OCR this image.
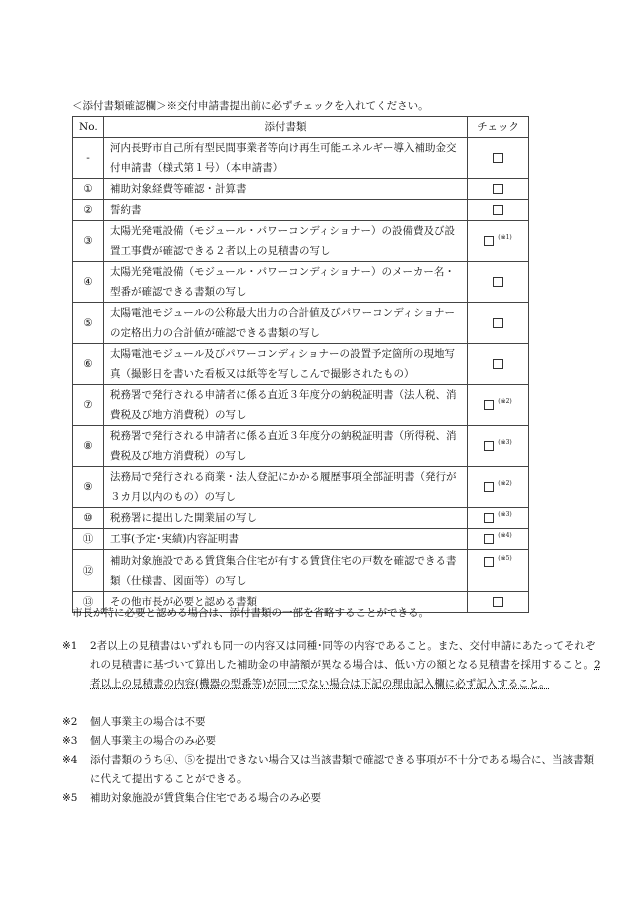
＜添付書類確認欄＞※交付申請書提出前に必ずチェックを入れてください。
No.	添付書類	チェック
-	河内長野市自己所有型民間事業者等向け再生可能エネルギー導入補助金交付申請書（様式第１号）（本申請書）	
①	補助対象経費等確認・計算書	
②	誓約書	
③	太陽光発電設備（モジュール・パワーコンディショナー）の設備費及び設置工事費が確認できる２者以上の見積書の写し	$^{(※1)}$
④	太陽光発電設備（モジュール・パワーコンディショナー）のメーカー名・型番が確認できる書類の写し	
⑤	太陽電池モジュールの公称最大出力の合計値及びパワーコンディショナーの定格出力の合計値が確認できる書類の写し	
⑥	太陽電池モジュール及びパワーコンディショナーの設置予定箇所の現地写真（撮影日を書いた看板又は紙等を写しこんで撮影されたもの）	
⑦	税務署で発行される申請者に係る直近３年度分の納税証明書（法人税、消費税及び地方消費税）の写し	$^{(※2)}$
⑧	税務署で発行される申請者に係る直近３年度分の納税証明書（所得税、消費税及び地方消費税）の写し	$^{(※3)}$
⑨	法務局で発行される商業・法人登記にかかる履歴事項全部証明書（発行が３カ月以内のもの）の写し	$^{(※2)}$
⑩	税務署に提出した開業届の写し	$^{(※3)}$
⑪	工事(予定･実績)内容証明書	$^{(※4)}$
⑫	補助対象施設である賃貸集合住宅が有する賃貸住宅の戸数を確認できる書類（仕様書、図面等）の写し	$^{(※5)}$
⑬	その他市長が必要と認める書類	
市長が特に必要と認める場合は、添付書類の一部を省略することができる。
※1 2者以上の見積書はいずれも同一の内容又は同種･同等の内容であること。また、交付申請にあたってそれぞれの見積書に基づいて算出した補助金の申請額が異なる場合は、低い方の額となる見積書を採用すること。2者以上の見積書の内容(機器の型番等)が同一でない場合は下記の理由記入欄に必ず記入すること。
※2 個人事業主の場合は不要
※3 個人事業主の場合のみ必要
※4 添付書類のうち④、⑤を提出できない場合又は当該書類で確認できる事項が不十分である場合に、当該書類に代えて提出することができる。
※5 補助対象施設が賃貸集合住宅である場合のみ必要
